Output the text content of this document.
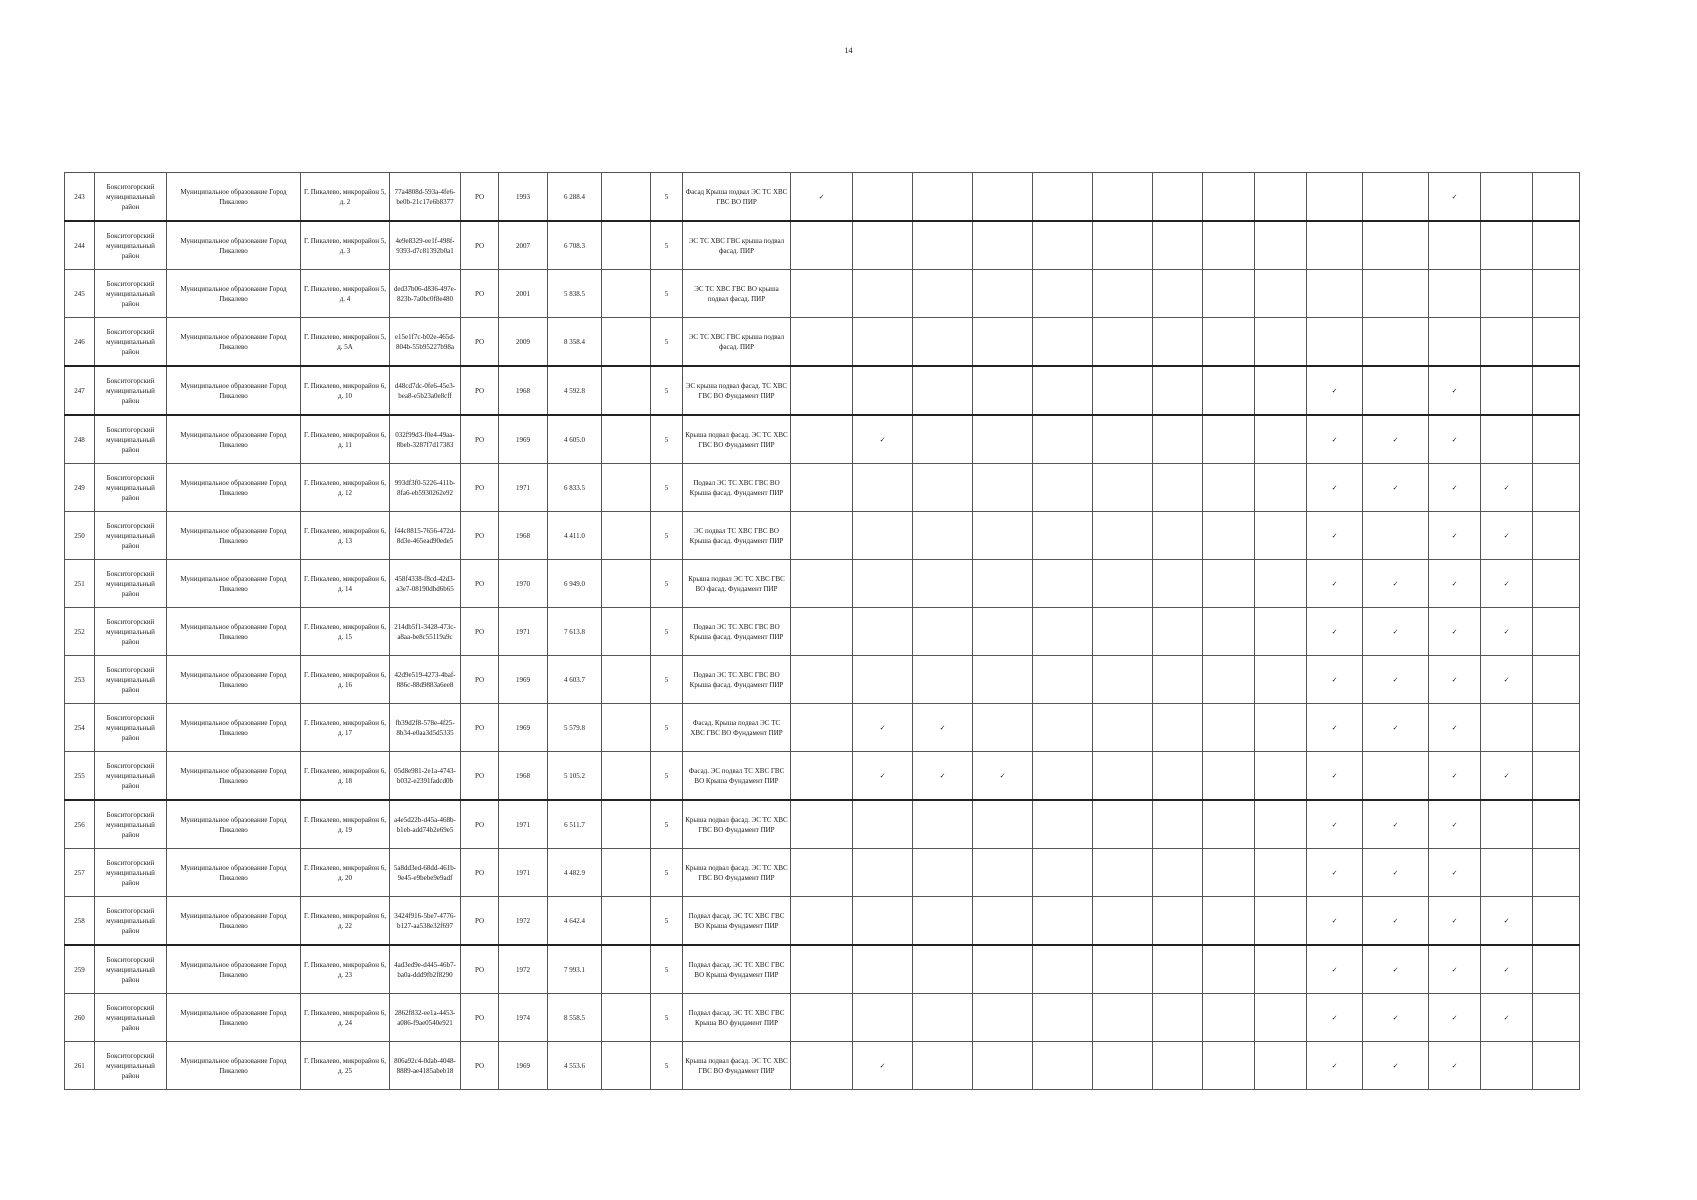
14
243	Бокситогорский муниципальный район	Муниципальное образование Город Пикалево	Г. Пикалево, микрорайон 5, д. 2	77a4808d-593a-4fe6-be0b-21c17e6b8377	РО	1993	6 288.4		5	Фасад Крыша подвал ЭС ТС ХВС ГВС ВО ПИР	✓											✓		
244	Бокситогорский муниципальный район	Муниципальное образование Город Пикалево	Г. Пикалево, микрорайон 5, д. 3	4e9e8329-ee1f-498f-9393-d7c81392b0a1	РО	2007	6 708.3		5	ЭС ТС ХВС ГВС крыша подвал фасад. ПИР														
245	Бокситогорский муниципальный район	Муниципальное образование Город Пикалево	Г. Пикалево, микрорайон 5, д. 4	ded37b06-d836-497e-823b-7a0bc0f8e480	РО	2001	5 838.5		5	ЭС ТС ХВС ГВС ВО крыша подвал фасад. ПИР														
246	Бокситогорский муниципальный район	Муниципальное образование Город Пикалево	Г. Пикалево, микрорайон 5, д. 5А	e15e1f7c-b02e-465d-804b-55b95227b98a	РО	2009	8 358.4		5	ЭС ТС ХВС ГВС крыша подвал фасад. ПИР														
247	Бокситогорский муниципальный район	Муниципальное образование Город Пикалево	Г. Пикалево, микрорайон 6, д. 10	d48cd7dc-0fe6-45e3-bea8-e5b23a0e8cff	РО	1968	4 592.8		5	ЭС крыша подвал фасад. ТС ХВС ГВС ВО Фундамент ПИР										✓		✓		
248	Бокситогорский муниципальный район	Муниципальное образование Город Пикалево	Г. Пикалево, микрорайон 6, д. 11	032f99d3-f0e4-49aa-8beb-3287f7d17383	РО	1969	4 605.0		5	Крыша подвал фасад. ЭС ТС ХВС ГВС ВО Фундамент ПИР		✓								✓	✓	✓		
249	Бокситогорский муниципальный район	Муниципальное образование Город Пикалево	Г. Пикалево, микрорайон 6, д. 12	993df3f0-5226-411b-8fa6-eb5930262e92	РО	1971	6 833.5		5	Подвал ЭС ТС ХВС ГВС ВО Крыша фасад. Фундамент ПИР										✓	✓	✓	✓	
250	Бокситогорский муниципальный район	Муниципальное образование Город Пикалево	Г. Пикалево, микрорайон 6, д. 13	f44c8815-7656-472d-8d3e-465ead90ede5	РО	1968	4 411.0		5	ЭС подвал ТС ХВС ГВС ВО Крыша фасад. Фундамент ПИР										✓		✓	✓	
251	Бокситогорский муниципальный район	Муниципальное образование Город Пикалево	Г. Пикалево, микрорайон 6, д. 14	458f4338-f8cd-42d3-a3e7-08190dbd6b65	РО	1970	6 949.0		5	Крыша подвал ЭС ТС ХВС ГВС ВО фасад. Фундамент ПИР										✓	✓	✓	✓	
252	Бокситогорский муниципальный район	Муниципальное образование Город Пикалево	Г. Пикалево, микрорайон 6, д. 15	214db5f1-3428-473c-a8aa-be8c55119a9c	РО	1971	7 613.8		5	Подвал ЭС ТС ХВС ГВС ВО Крыша фасад. Фундамент ПИР										✓	✓	✓	✓	
253	Бокситогорский муниципальный район	Муниципальное образование Город Пикалево	Г. Пикалево, микрорайон 6, д. 16	42d9e519-4273-4baf-886c-88d9883a6ee8	РО	1969	4 603.7		5	Подвал ЭС ТС ХВС ГВС ВО Крыша фасад. Фундамент ПИР										✓	✓	✓	✓	
254	Бокситогорский муниципальный район	Муниципальное образование Город Пикалево	Г. Пикалево, микрорайон 6, д. 17	fb39d2f8-578e-4f25-8b34-e0aa3d5d5335	РО	1969	5 579.8		5	Фасад. Крыша подвал ЭС ТС ХВС ГВС ВО Фундамент ПИР		✓	✓							✓	✓	✓		
255	Бокситогорский муниципальный район	Муниципальное образование Город Пикалево	Г. Пикалево, микрорайон 6, д. 18	05d8e981-2e1a-4743-b032-e2391fadcd0b	РО	1968	5 105.2		5	Фасад. ЭС подвал ТС ХВС ГВС ВО Крыша Фундамент ПИР		✓	✓	✓						✓		✓	✓	
256	Бокситогорский муниципальный район	Муниципальное образование Город Пикалево	Г. Пикалево, микрорайон 6, д. 19	a4e5d22b-d45a-468b-b1eb-add74b2e69e5	РО	1971	6 511.7		5	Крыша подвал фасад. ЭС ТС ХВС ГВС ВО Фундамент ПИР										✓	✓	✓		
257	Бокситогорский муниципальный район	Муниципальное образование Город Пикалево	Г. Пикалево, микрорайон 6, д. 20	5a8dd3ed-68dd-461b-9e45-e9bebe9e9adf	РО	1971	4 482.9		5	Крыша подвал фасад. ЭС ТС ХВС ГВС ВО Фундамент ПИР										✓	✓	✓		
258	Бокситогорский муниципальный район	Муниципальное образование Город Пикалево	Г. Пикалево, микрорайон 6, д. 22	3424f916-5be7-4776-b127-aa538e32f697	РО	1972	4 642.4		5	Подвал фасад. ЭС ТС ХВС ГВС ВО Крыша Фундамент ПИР										✓	✓	✓	✓	
259	Бокситогорский муниципальный район	Муниципальное образование Город Пикалево	Г. Пикалево, микрорайон 6, д. 23	4ad3ed9e-d445-46b7-ba0a-ddd9fb2f8290	РО	1972	7 993.1		5	Подвал фасад. ЭС ТС ХВС ГВС ВО Крыша Фундамент ПИР										✓	✓	✓	✓	
260	Бокситогорский муниципальный район	Муниципальное образование Город Пикалево	Г. Пикалево, микрорайон 6, д. 24	2862f832-ee1a-4453-a086-f9ae0540e921	РО	1974	8 558.5		5	Подвал фасад. ЭС ТС ХВС ГВС Крыша ВО фундамент ПИР										✓	✓	✓	✓	
261	Бокситогорский муниципальный район	Муниципальное образование Город Пикалево	Г. Пикалево, микрорайон 6, д. 25	806a92c4-0dab-4048-8889-ae4185abeb18	РО	1969	4 553.6		5	Крыша подвал фасад. ЭС ТС ХВС ГВС ВО Фундамент ПИР		✓								✓	✓	✓		
